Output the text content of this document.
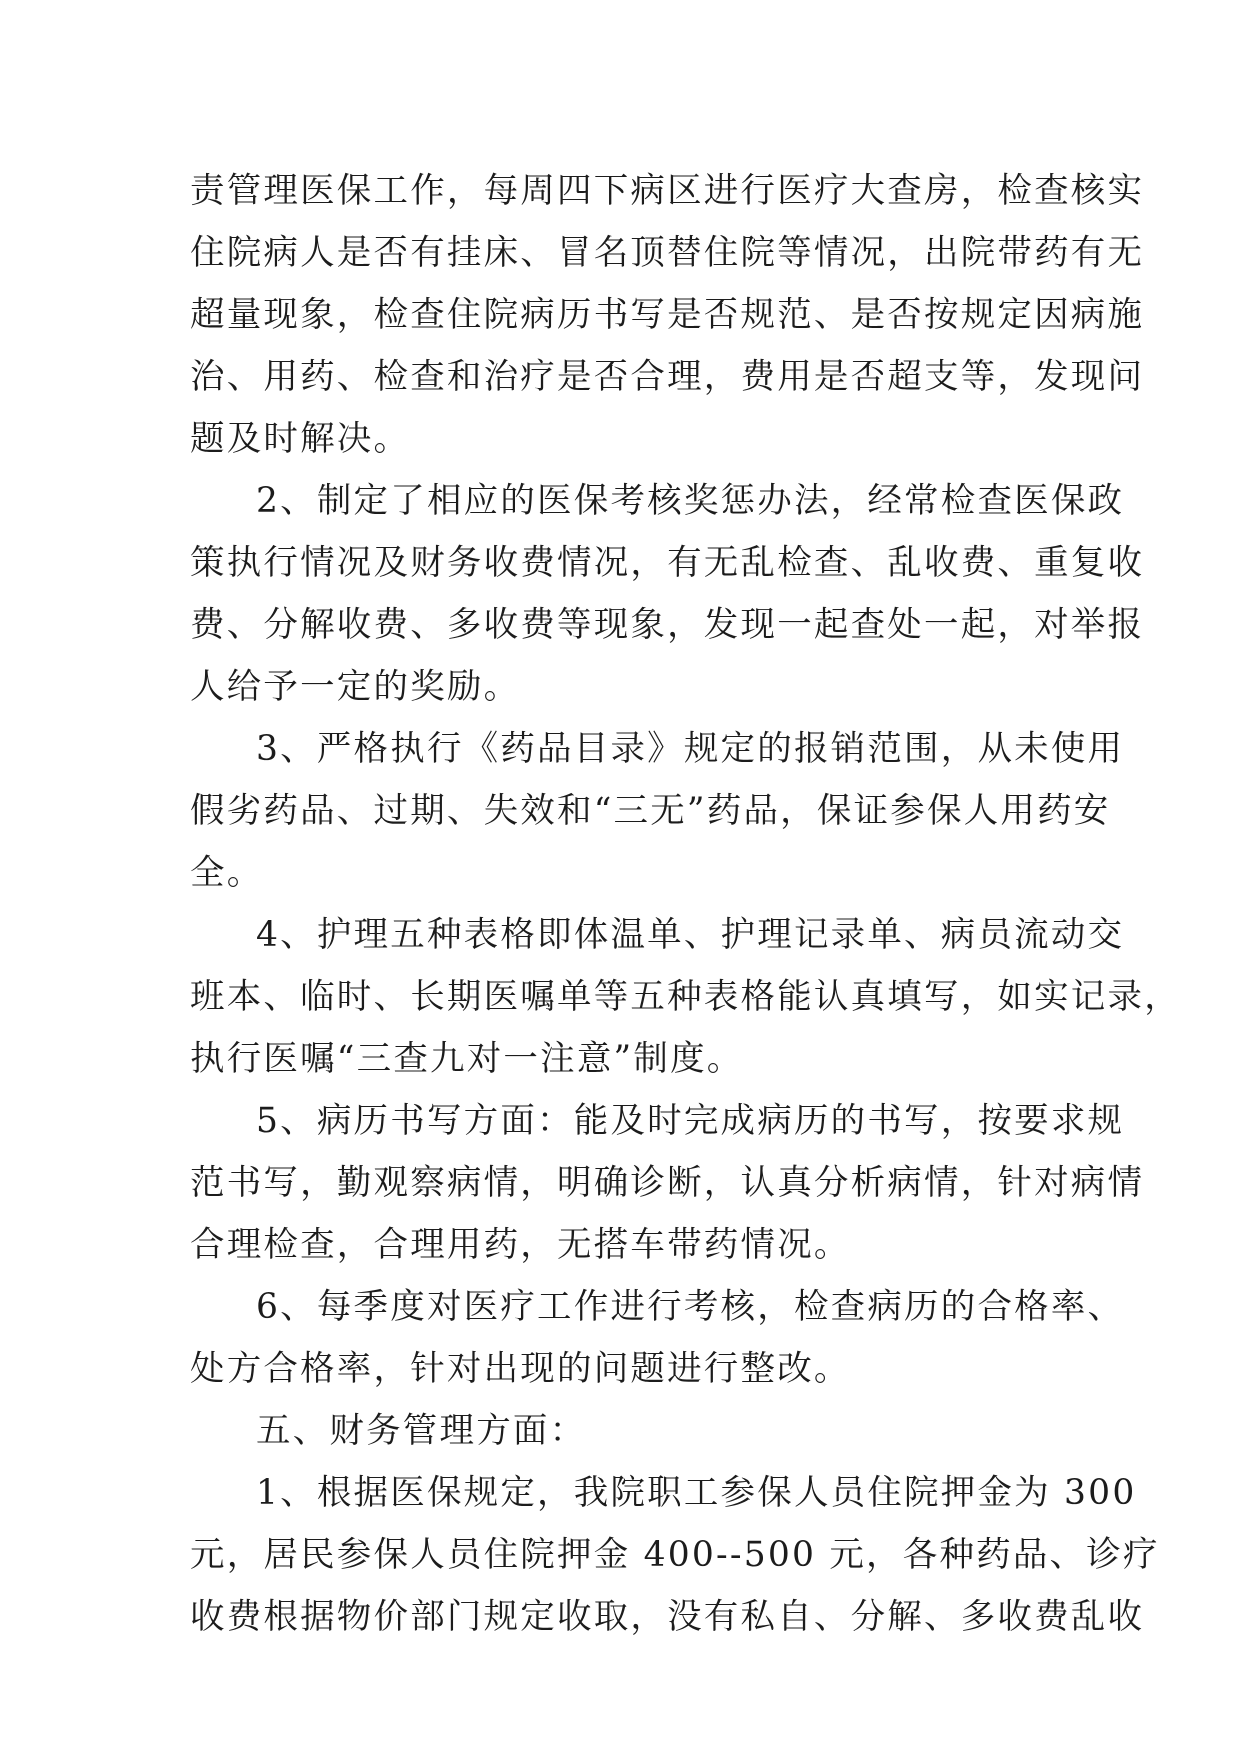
责管理医保工作，每周四下病区进行医疗大查房，检查核实
住院病人是否有挂床、冒名顶替住院等情况，出院带药有无
超量现象，检查住院病历书写是否规范、是否按规定因病施
治、用药、检查和治疗是否合理，费用是否超支等，发现问
题及时解决。
2、制定了相应的医保考核奖惩办法，经常检查医保政
策执行情况及财务收费情况，有无乱检查、乱收费、重复收
费、分解收费、多收费等现象，发现一起查处一起，对举报
人给予一定的奖励。
3、严格执行《药品目录》规定的报销范围，从未使用
假劣药品、过期、失效和“三无”药品，保证参保人用药安
全。
4、护理五种表格即体温单、护理记录单、病员流动交
班本、临时、长期医嘱单等五种表格能认真填写，如实记录，
执行医嘱“三查九对一注意”制度。
5、病历书写方面：能及时完成病历的书写，按要求规
范书写，勤观察病情，明确诊断，认真分析病情，针对病情
合理检查，合理用药，无搭车带药情况。
6、每季度对医疗工作进行考核，检查病历的合格率、
处方合格率，针对出现的问题进行整改。
五、财务管理方面：
1、根据医保规定，我院职工参保人员住院押金为 300
元，居民参保人员住院押金 400--500 元，各种药品、诊疗
收费根据物价部门规定收取，没有私自、分解、多收费乱收
